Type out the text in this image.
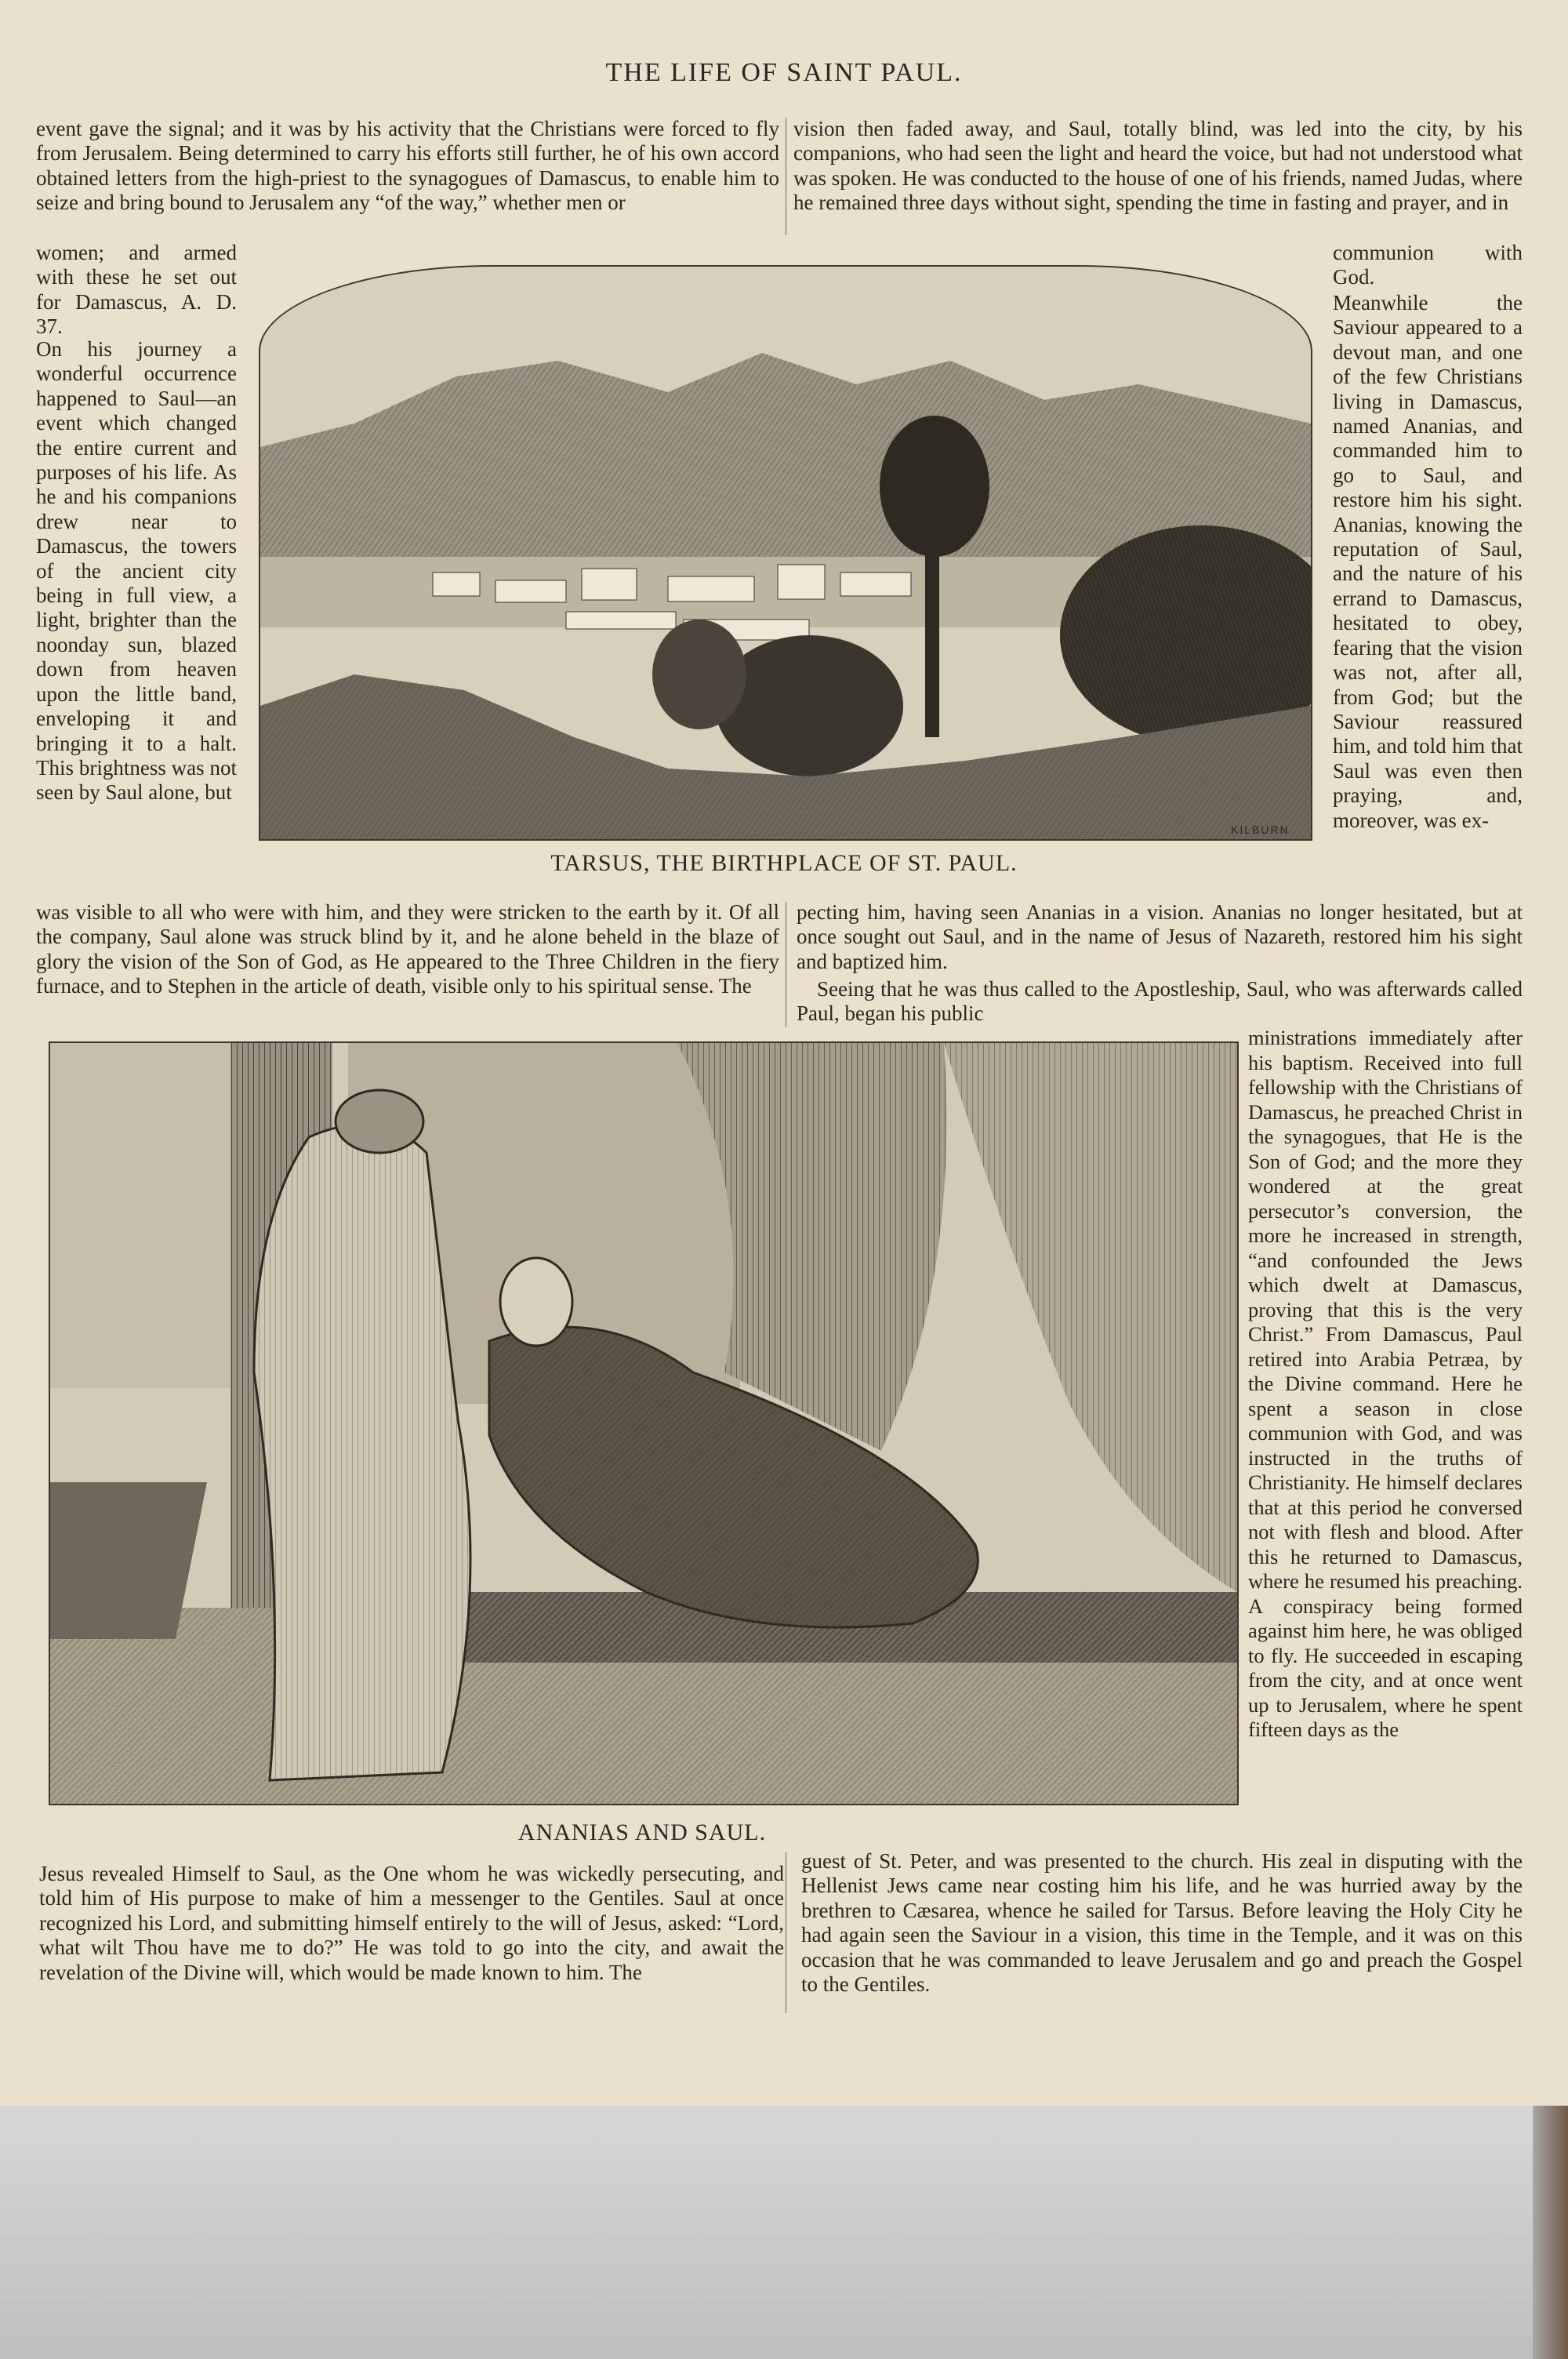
THE LIFE OF SAINT PAUL.

event gave the signal; and it was by his activity that the Christians were forced to fly from Jerusalem. Being determined to carry his efforts still further, he of his own accord obtained letters from the high-priest to the synagogues of Damascus, to enable him to seize and bring bound to Jerusalem any “of the way,” whether men or

vision then faded away, and Saul, totally blind, was led into the city, by his companions, who had seen the light and heard the voice, but had not understood what was spoken. He was conducted to the house of one of his friends, named Judas, where he remained three days without sight, spending the time in fasting and prayer, and in

women; and armed with these he set out for Damascus, A. D. 37.

On his journey a wonderful occurrence happened to Saul—an event which changed the entire current and purposes of his life. As he and his companions drew near to Damascus, the towers of the ancient city being in full view, a light, brighter than the noonday sun, blazed down from heaven upon the little band, enveloping it and bringing it to a halt. This brightness was not seen by Saul alone, but

KILBURN
TARSUS, THE BIRTHPLACE OF ST. PAUL.

communion with God.

Meanwhile the Saviour appeared to a devout man, and one of the few Christians living in Damascus, named Ananias, and commanded him to go to Saul, and restore him his sight. Ananias, knowing the reputation of Saul, and the nature of his errand to Damascus, hesitated to obey, fearing that the vision was not, after all, from God; but the Saviour reassured him, and told him that Saul was even then praying, and, moreover, was ex-

was visible to all who were with him, and they were stricken to the earth by it. Of all the company, Saul alone was struck blind by it, and he alone beheld in the blaze of glory the vision of the Son of God, as He appeared to the Three Children in the fiery furnace, and to Stephen in the article of death, visible only to his spiritual sense. The

pecting him, having seen Ananias in a vision. Ananias no longer hesitated, but at once sought out Saul, and in the name of Jesus of Nazareth, restored him his sight and baptized him.

Seeing that he was thus called to the Apostleship, Saul, who was afterwards called Paul, began his public

ANANIAS AND SAUL.

ministrations immediately after his baptism. Received into full fellowship with the Christians of Damascus, he preached Christ in the synagogues, that He is the Son of God; and the more they wondered at the great persecutor’s conversion, the more he increased in strength, “and confounded the Jews which dwelt at Damascus, proving that this is the very Christ.” From Damascus, Paul retired into Arabia Petræa, by the Divine command. Here he spent a season in close communion with God, and was instructed in the truths of Christianity. He himself declares that at this period he conversed not with flesh and blood. After this he returned to Damascus, where he resumed his preaching. A conspiracy being formed against him here, he was obliged to fly. He succeeded in escaping from the city, and at once went up to Jerusalem, where he spent fifteen days as the

Jesus revealed Himself to Saul, as the One whom he was wickedly persecuting, and told him of His purpose to make of him a messenger to the Gentiles. Saul at once recognized his Lord, and submitting himself entirely to the will of Jesus, asked: “Lord, what wilt Thou have me to do?” He was told to go into the city, and await the revelation of the Divine will, which would be made known to him. The

guest of St. Peter, and was presented to the church. His zeal in disputing with the Hellenist Jews came near costing him his life, and he was hurried away by the brethren to Cæsarea, whence he sailed for Tarsus. Before leaving the Holy City he had again seen the Saviour in a vision, this time in the Temple, and it was on this occasion that he was commanded to leave Jerusalem and go and preach the Gospel to the Gentiles.
